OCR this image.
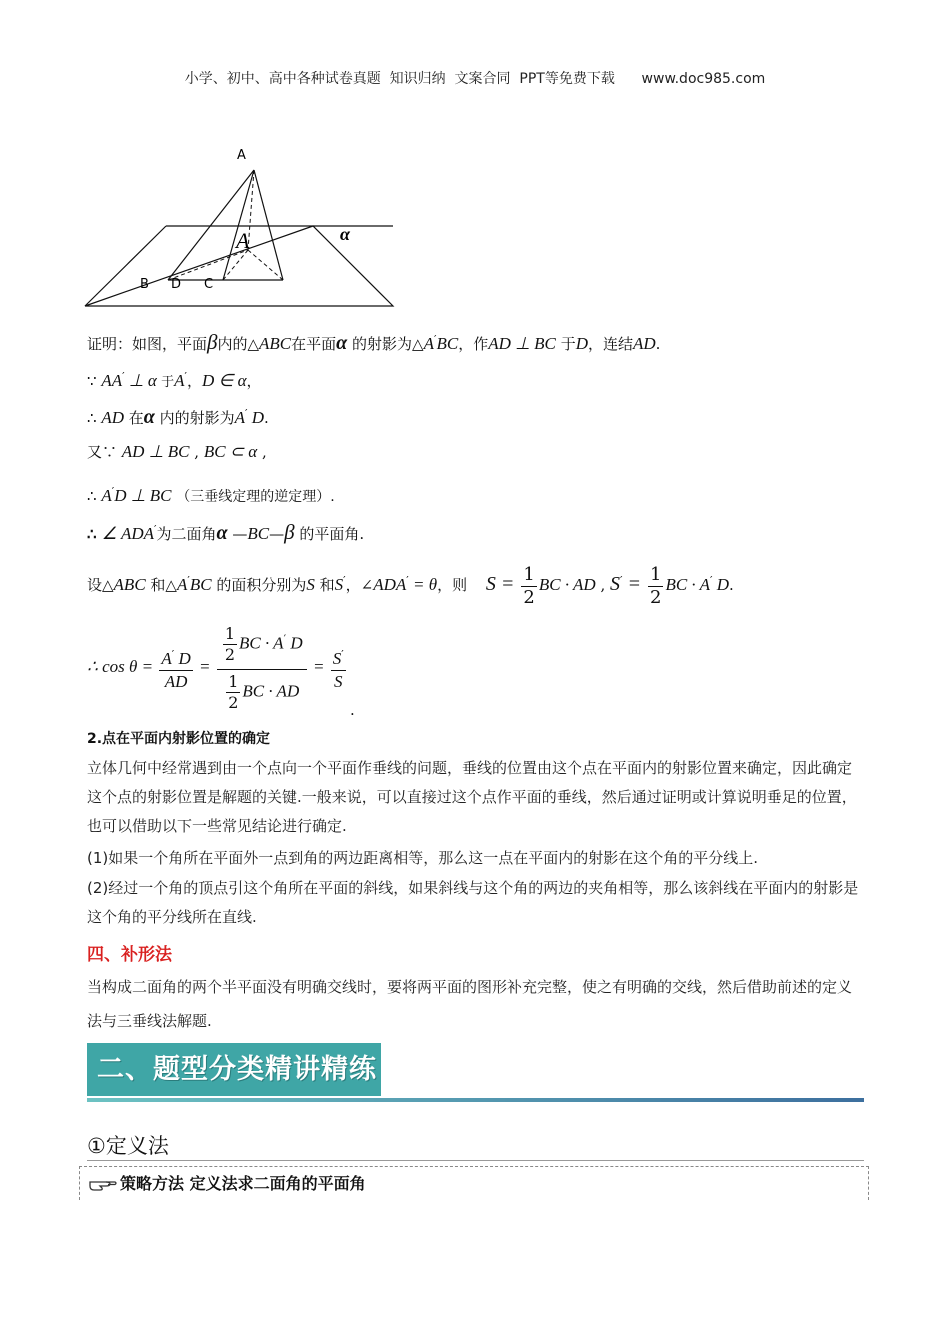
小学、初中、高中各种试卷真题  知识归纳  文案合同  PPT等免费下载      www.doc985.com
A
A
B D C
α
证明：如图，平面β内的△ABC在平面α 的射影为△A′BC，作AD ⊥ BC 于D，连结AD.
∵ AA′ ⊥ α 于A′，D ∈ α，
∴ AD 在α 内的射影为A′ D.
又∵ AD ⊥ BC , BC ⊂ α ,
∴ A′D ⊥ BC （三垂线定理的逆定理）.
∴ ∠ ADA′为二面角α —BC—β 的平面角.
设△ABC 和△A′BC 的面积分别为S 和S′，∠ADA′ = θ，则 $S = \frac{1}{2}$ BC · AD , $S' = \frac{1}{2}$ BC · A′ D.
∴ $\cos \theta = \frac{A' D}{AD} = \frac{\frac{1}{2} BC \cdot A' D}{\frac{1}{2} BC \cdot AD} = \frac{S'}{S}$
.
2.点在平面内射影位置的确定
立体几何中经常遇到由一个点向一个平面作垂线的问题，垂线的位置由这个点在平面内的射影位置来确定，因此确定这个点的射影位置是解题的关键.一般来说，可以直接过这个点作平面的垂线，然后通过证明或计算说明垂足的位置，也可以借助以下一些常见结论进行确定.
(1)如果一个角所在平面外一点到角的两边距离相等，那么这一点在平面内的射影在这个角的平分线上.
(2)经过一个角的顶点引这个角所在平面的斜线，如果斜线与这个角的两边的夹角相等，那么该斜线在平面内的射影是这个角的平分线所在直线.
四、补形法
当构成二面角的两个半平面没有明确交线时，要将两平面的图形补充完整，使之有明确的交线，然后借助前述的定义法与三垂线法解题.
二、题型分类精讲精练
①定义法
策略方法 定义法求二面角的平面角
